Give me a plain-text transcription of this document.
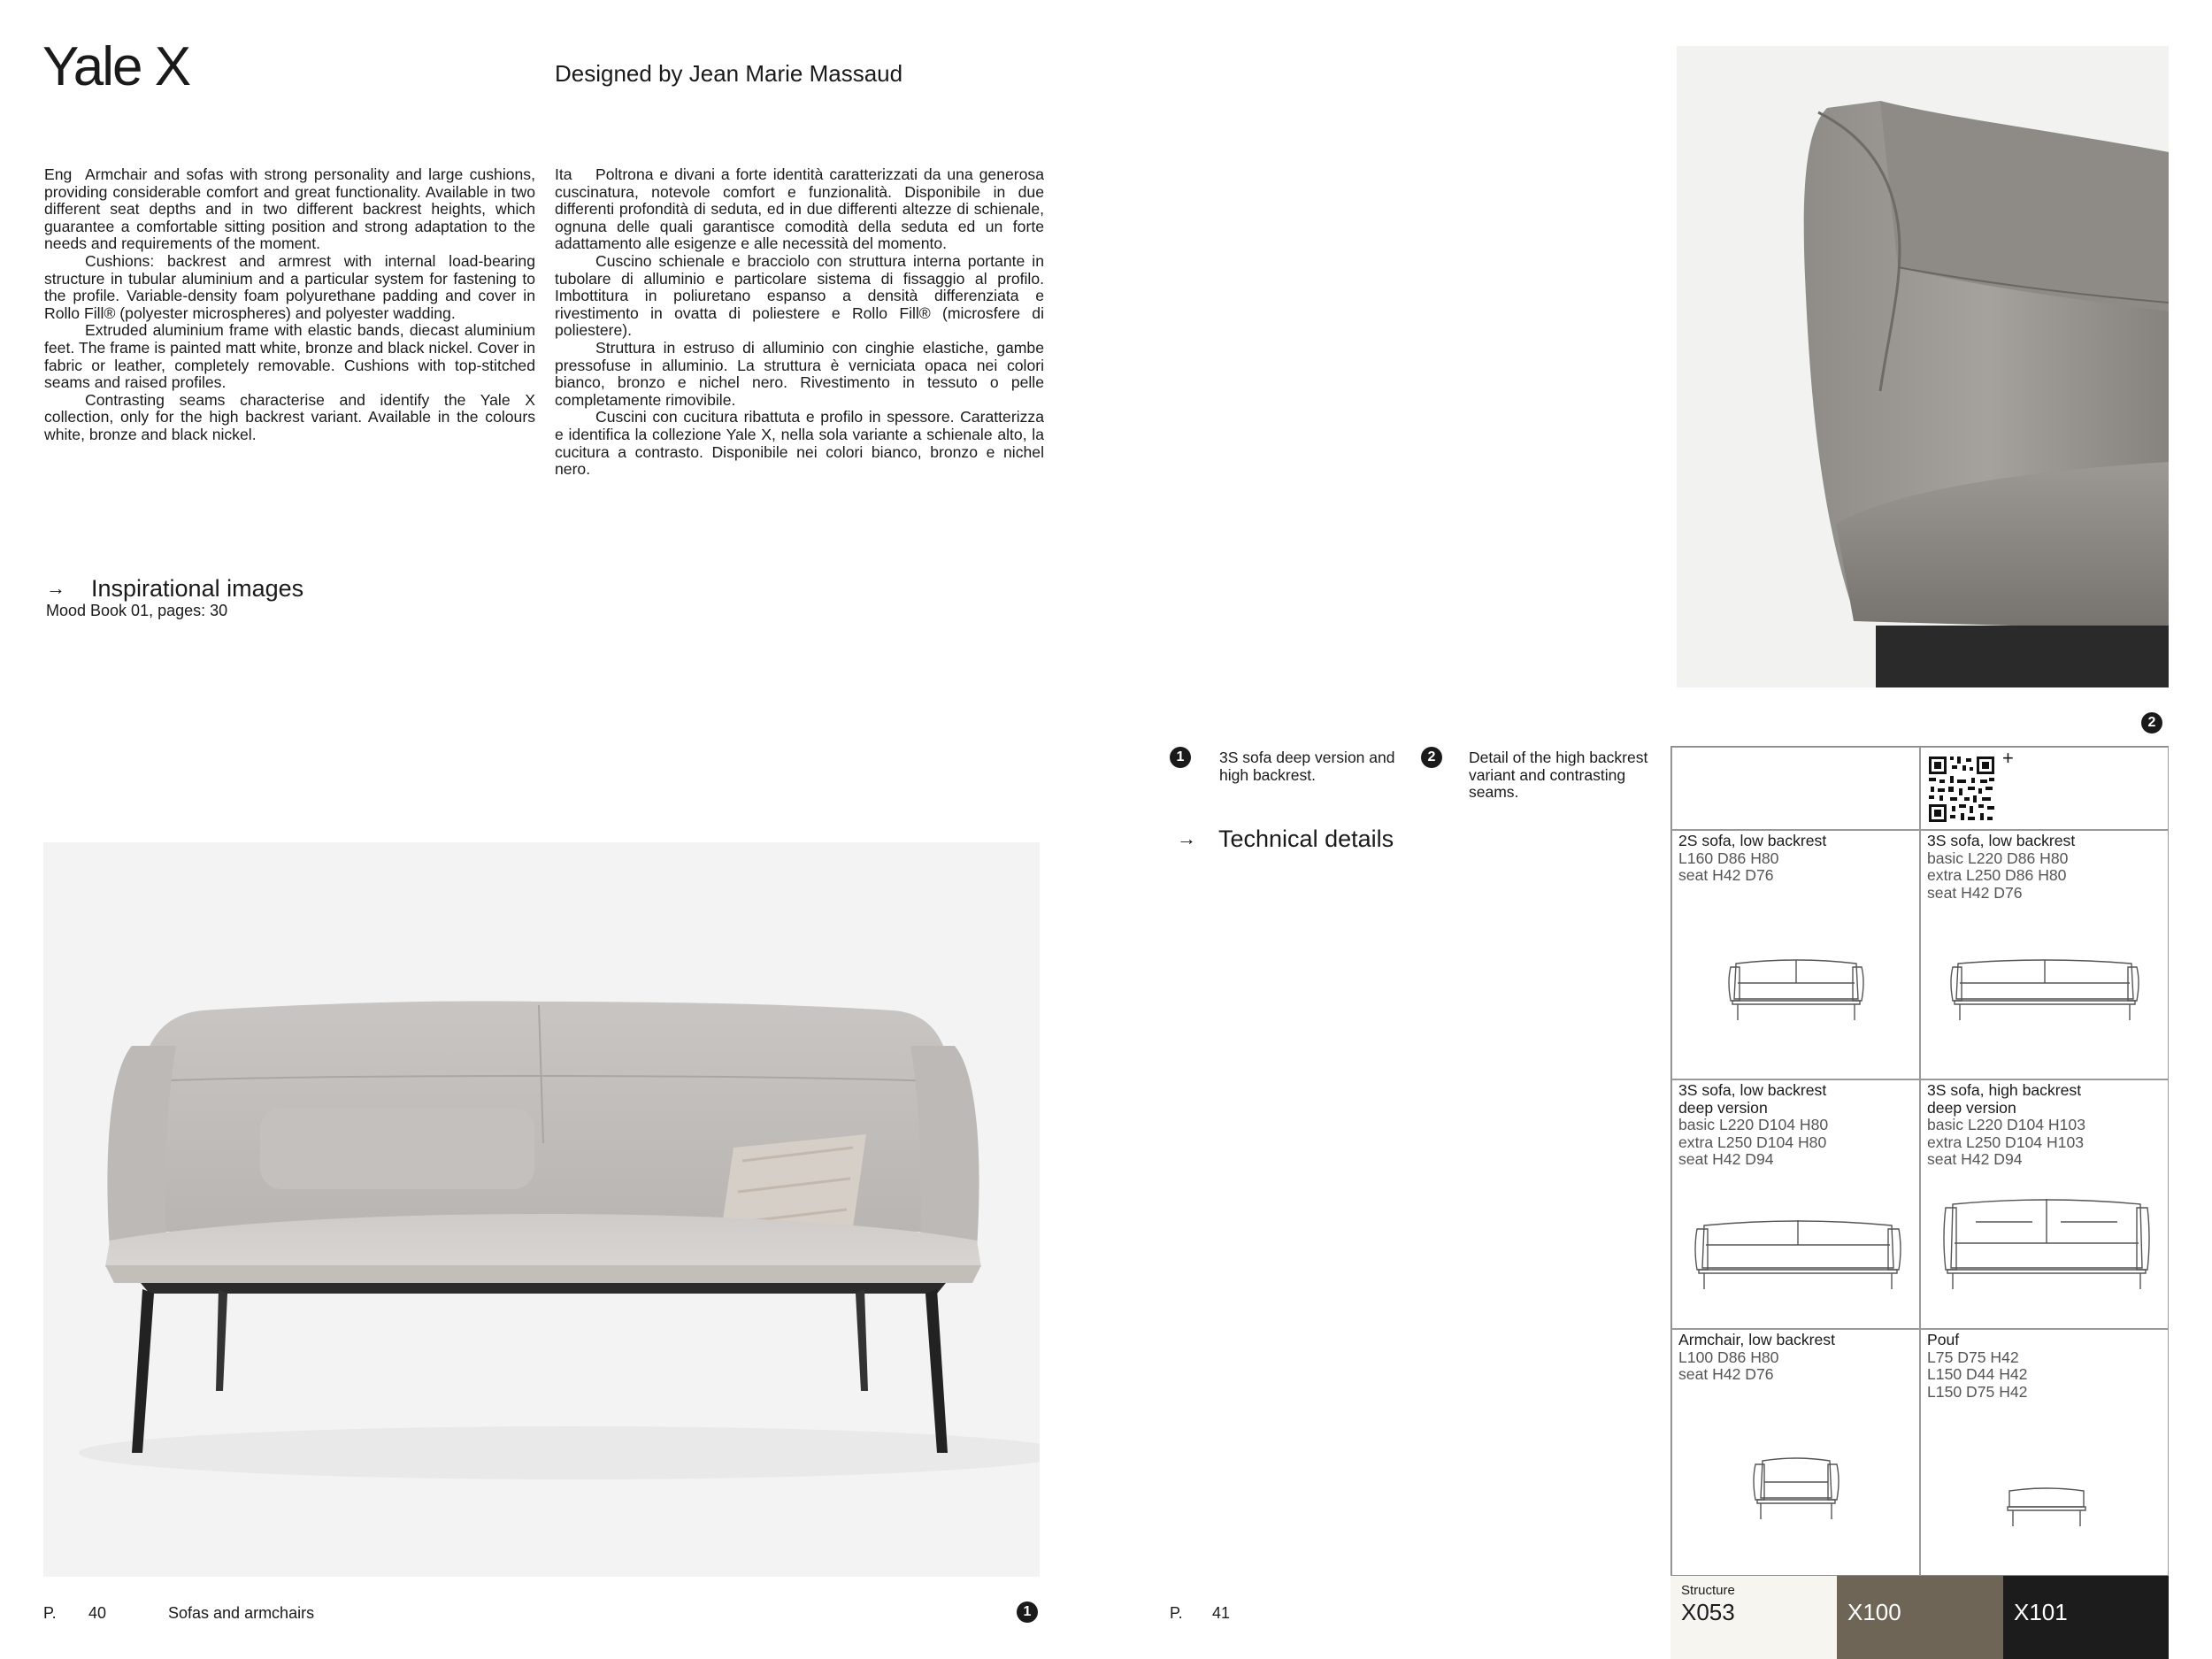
Yale X	Designed by Jean Marie Massaud

Eng Armchair and sofas with strong personality and large cushions, providing considerable comfort and great functionality. Available in two different seat depths and in two different backrest heights, which guarantee a comfortable sitting position and strong adaptation to the needs and requirements of the moment.

Cushions: backrest and armrest with internal load-bearing structure in tubular aluminium and a particular system for fastening to the profile. Variable-density foam polyurethane padding and cover in Rollo Fill® (polyester microspheres) and polyester wadding.

Extruded aluminium frame with elastic bands, diecast aluminium feet. The frame is painted matt white, bronze and black nickel. Cover in fabric or leather, completely removable. Cushions with top-stitched seams and raised profiles.

Contrasting seams characterise and identify the Yale X collection, only for the high backrest variant. Available in the colours white, bronze and black nickel.

Ita Poltrona e divani a forte identità caratterizzati da una generosa cuscinatura, notevole comfort e funzionalità. Disponibile in due differenti profondità di seduta, ed in due differenti altezze di schienale, ognuna delle quali garantisce comodità della seduta ed un forte adattamento alle esigenze e alle necessità del momento.

Cuscino schienale e bracciolo con struttura interna portante in tubolare di alluminio e particolare sistema di fissaggio al profilo. Imbottitura in poliuretano espanso a densità differenziata e rivestimento in ovatta di poliestere e Rollo Fill® (microsfere di poliestere).

Struttura in estruso di alluminio con cinghie elastiche, gambe pressofuse in alluminio. La struttura è verniciata opaca nei colori bianco, bronzo e nichel nero. Rivestimento in tessuto o pelle completamente rimovibile.

Cuscini con cucitura ribattuta e profilo in spessore. Caratterizza e identifica la collezione Yale X, nella sola variante a schienale alto, la cucitura a contrasto. Disponibile nei colori bianco, bronzo e nichel nero.

→ Inspirational images
Mood Book 01, pages: 30
2
1	3S sofa deep version and high backrest.
2	Detail of the high backrest variant and contrasting seams.
→ Technical details
+
2S sofa, low backrest
L160 D86 H80
seat H42 D76
3S sofa, low backrest
basic L220 D86 H80
extra L250 D86 H80
seat H42 D76
3S sofa, low backrest
deep version
basic L220 D104 H80
extra L250 D104 H80
seat H42 D94
3S sofa, high backrest
deep version
basic L220 D104 H103
extra L250 D104 H103
seat H42 D94
Armchair, low backrest
L100 D86 H80
seat H42 D76
Pouf
L75 D75 H42
L150 D44 H42
L150 D75 H42
Structure
X053	X100	X101
P. 40	Sofas and armchairs	1	P. 41
